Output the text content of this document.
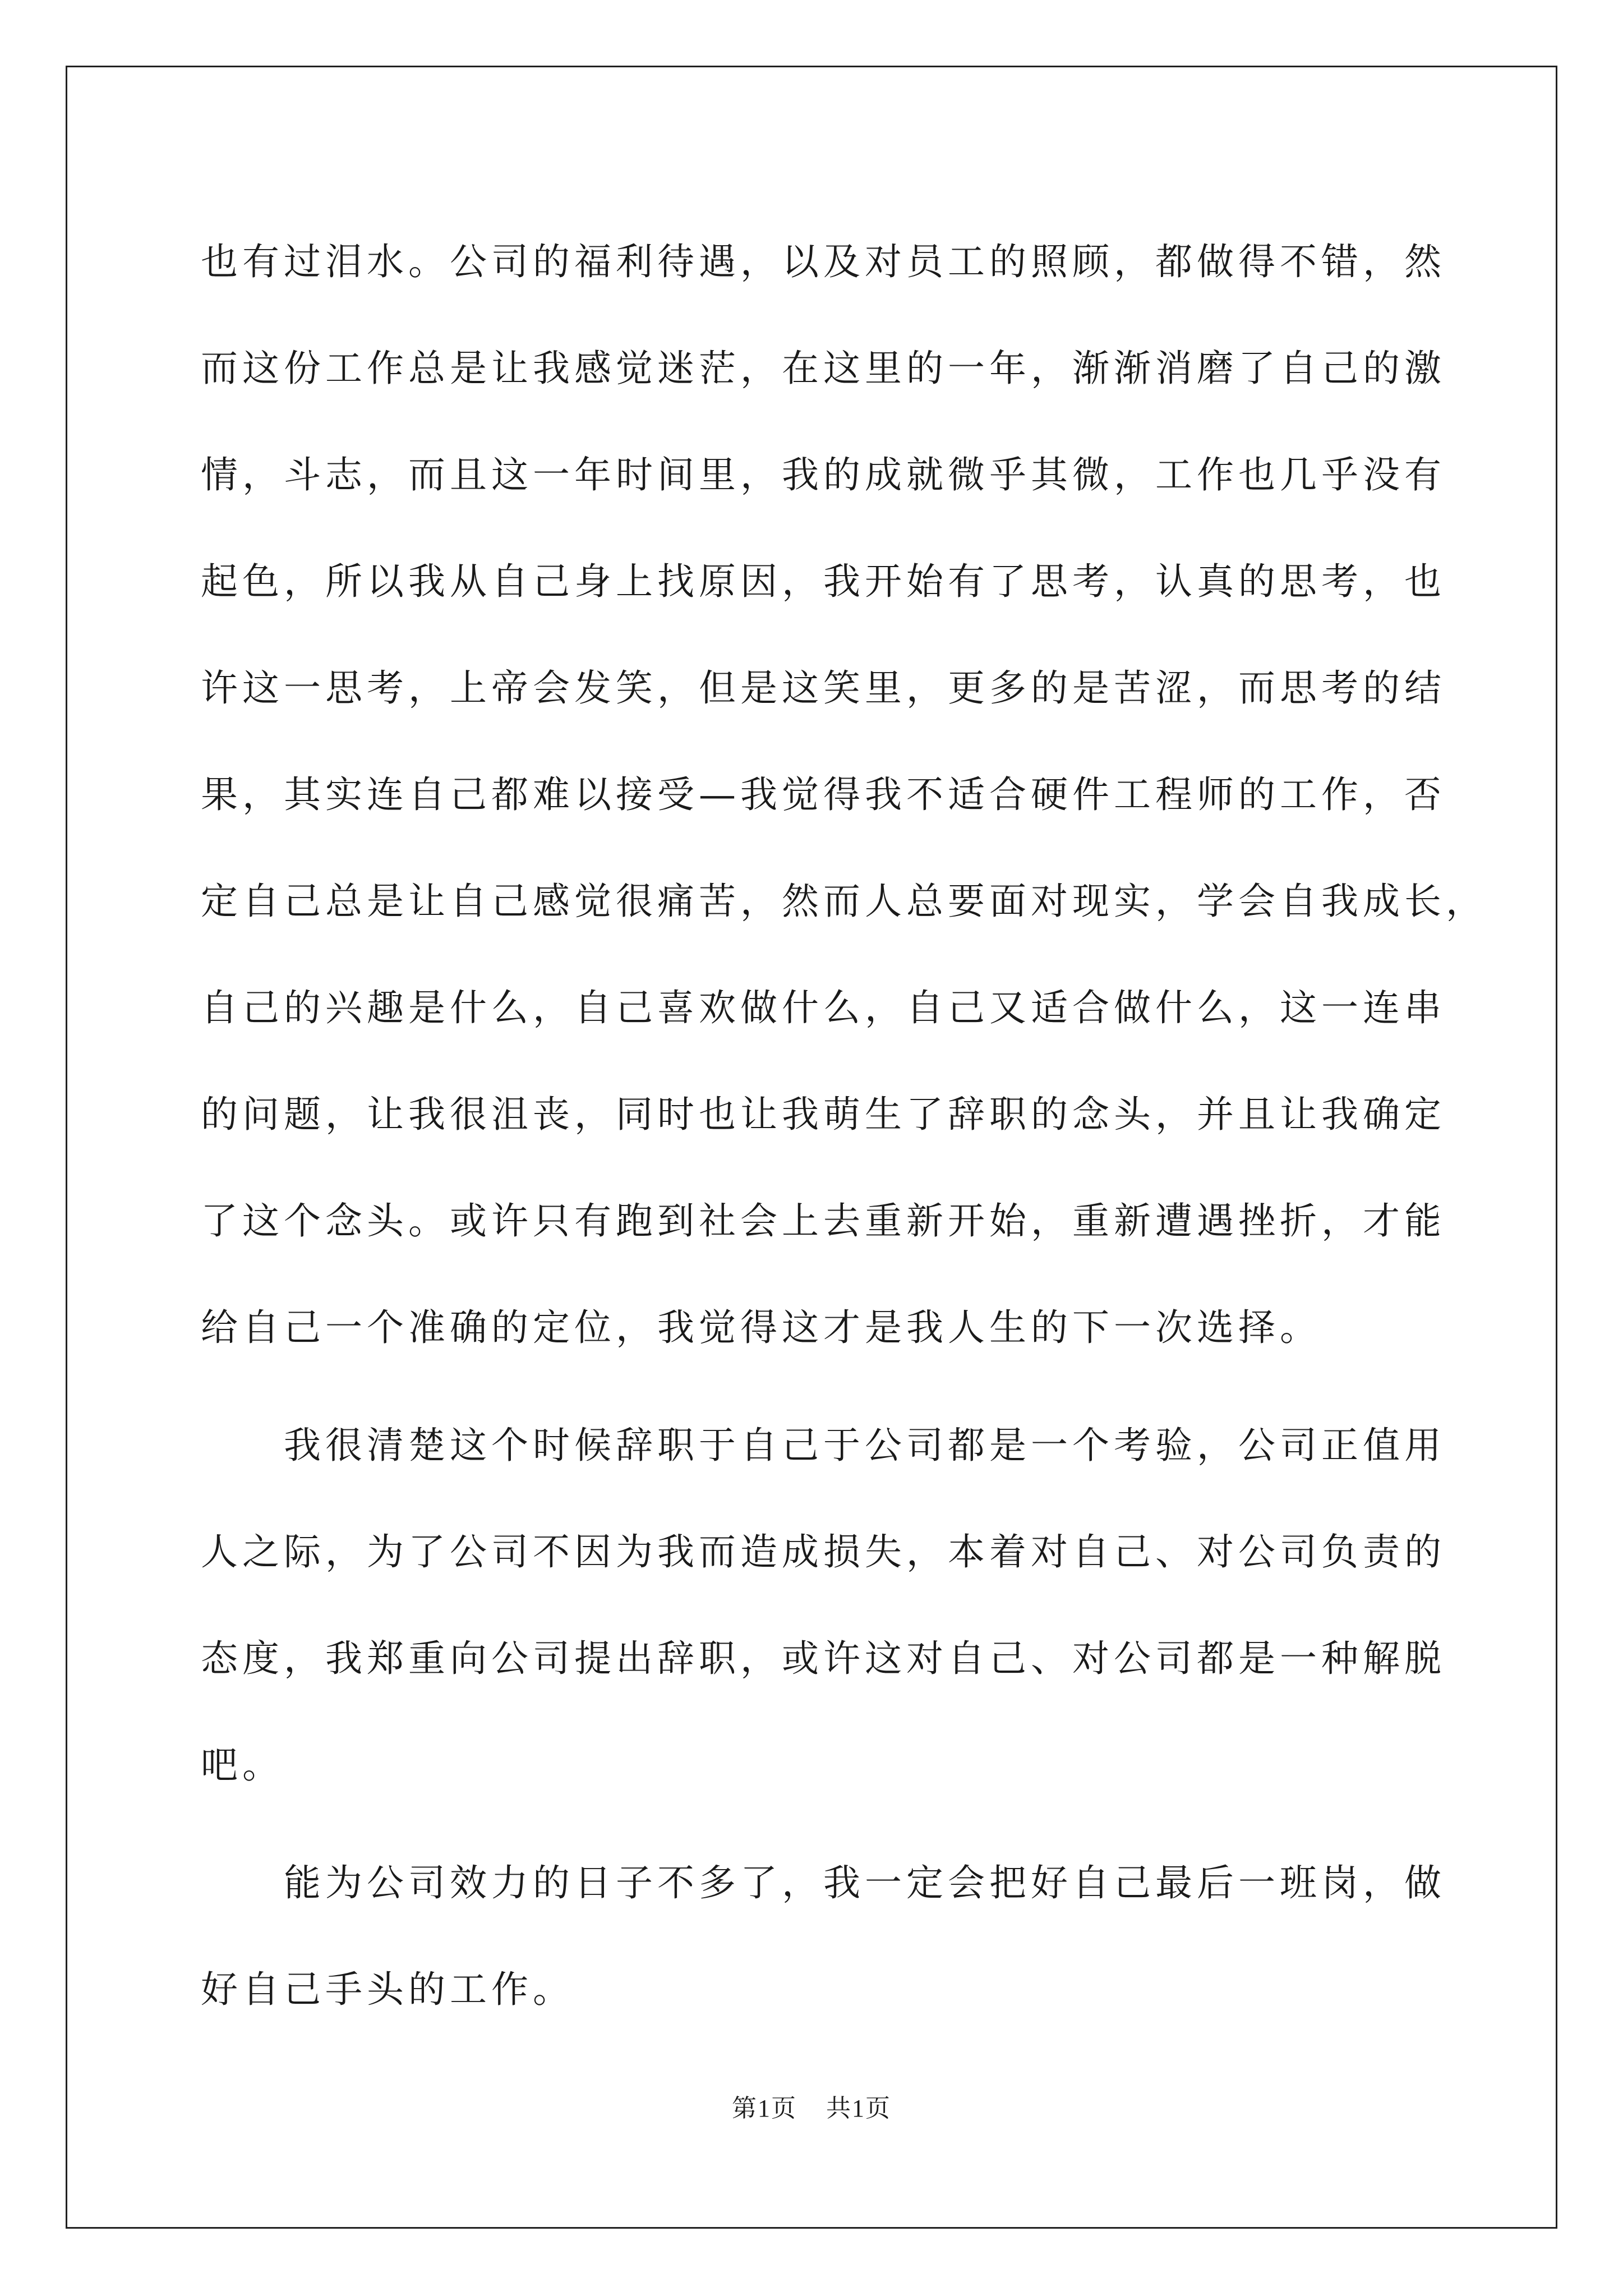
也有过泪水。公司的福利待遇，以及对员工的照顾，都做得不错，然
而这份工作总是让我感觉迷茫，在这里的一年，渐渐消磨了自己的激
情，斗志，而且这一年时间里，我的成就微乎其微，工作也几乎没有
起色，所以我从自己身上找原因，我开始有了思考，认真的思考，也
许这一思考，上帝会发笑，但是这笑里，更多的是苦涩，而思考的结
果，其实连自己都难以接受—我觉得我不适合硬件工程师的工作，否
定自己总是让自己感觉很痛苦，然而人总要面对现实，学会自我成长，
自己的兴趣是什么，自己喜欢做什么，自己又适合做什么，这一连串
的问题，让我很沮丧，同时也让我萌生了辞职的念头，并且让我确定
了这个念头。或许只有跑到社会上去重新开始，重新遭遇挫折，才能
给自己一个准确的定位，我觉得这才是我人生的下一次选择。
我很清楚这个时候辞职于自己于公司都是一个考验，公司正值用
人之际，为了公司不因为我而造成损失，本着对自己、对公司负责的
态度，我郑重向公司提出辞职，或许这对自己、对公司都是一种解脱
吧。
能为公司效力的日子不多了，我一定会把好自己最后一班岗，做
好自己手头的工作。
第1页 共1页
